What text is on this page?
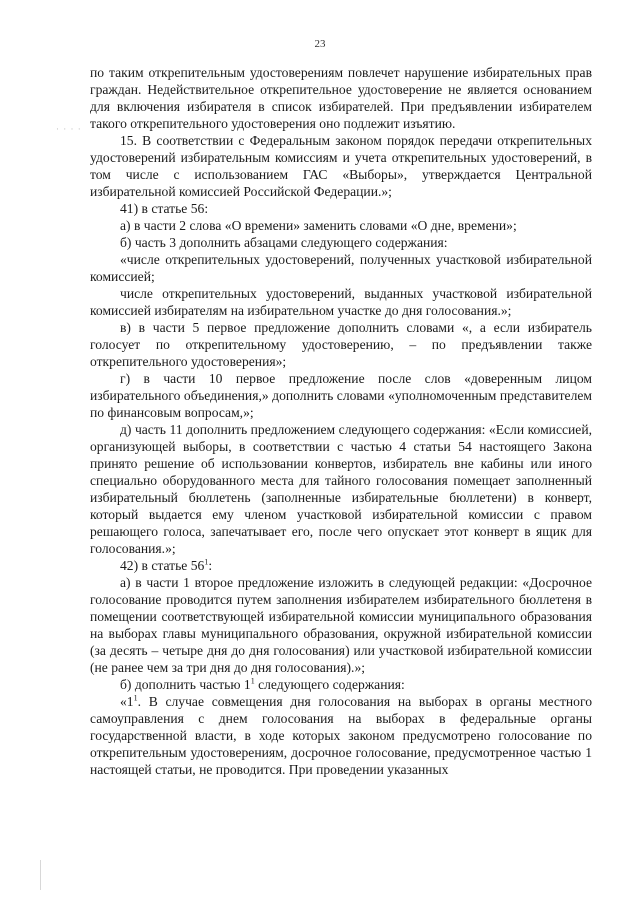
23
· · · ·

по таким открепительным удостоверениям повлечет нарушение избирательных прав граждан. Недействительное открепительное удостоверение не является основанием для включения избирателя в список избирателей. При предъявлении избирателем такого открепительного удостоверения оно подлежит изъятию.

15. В соответствии с Федеральным законом порядок передачи открепительных удостоверений избирательным комиссиям и учета открепительных удостоверений, в том числе с использованием ГАС «Выборы», утверждается Центральной избирательной комиссией Российской Федерации.»;

41) в статье 56:

а) в части 2 слова «О времени» заменить словами «О дне, времени»;

б) часть 3 дополнить абзацами следующего содержания:

«числе открепительных удостоверений, полученных участковой избирательной комиссией;

числе открепительных удостоверений, выданных участковой избирательной комиссией избирателям на избирательном участке до дня голосования.»;

в) в части 5 первое предложение дополнить словами «, а если избиратель голосует по открепительному удостоверению, – по предъявлении также открепительного удостоверения»;

г) в части 10 первое предложение после слов «доверенным лицом избирательного объединения,» дополнить словами «уполномоченным представителем по финансовым вопросам,»;

д) часть 11 дополнить предложением следующего содержания: «Если комиссией, организующей выборы, в соответствии с частью 4 статьи 54 настоящего Закона принято решение об использовании конвертов, избиратель вне кабины или иного специально оборудованного места для тайного голосования помещает заполненный избирательный бюллетень (заполненные избирательные бюллетени) в конверт, который выдается ему членом участковой избирательной комиссии с правом решающего голоса, запечатывает его, после чего опускает этот конверт в ящик для голосования.»;

42) в статье $56^1$:

а) в части 1 второе предложение изложить в следующей редакции: «Досрочное голосование проводится путем заполнения избирателем избирательного бюллетеня в помещении соответствующей избирательной комиссии муниципального образования на выборах главы муниципального образования, окружной избирательной комиссии (за десять – четыре дня до дня голосования) или участковой избирательной комиссии (не ранее чем за три дня до дня голосования).»;

б) дополнить частью $1^1$ следующего содержания:

«$1^1$. В случае совмещения дня голосования на выборах в органы местного самоуправления с днем голосования на выборах в федеральные органы государственной власти, в ходе которых законом предусмотрено голосование по открепительным удостоверениям, досрочное голосование, предусмотренное частью 1 настоящей статьи, не проводится. При проведении указанных
